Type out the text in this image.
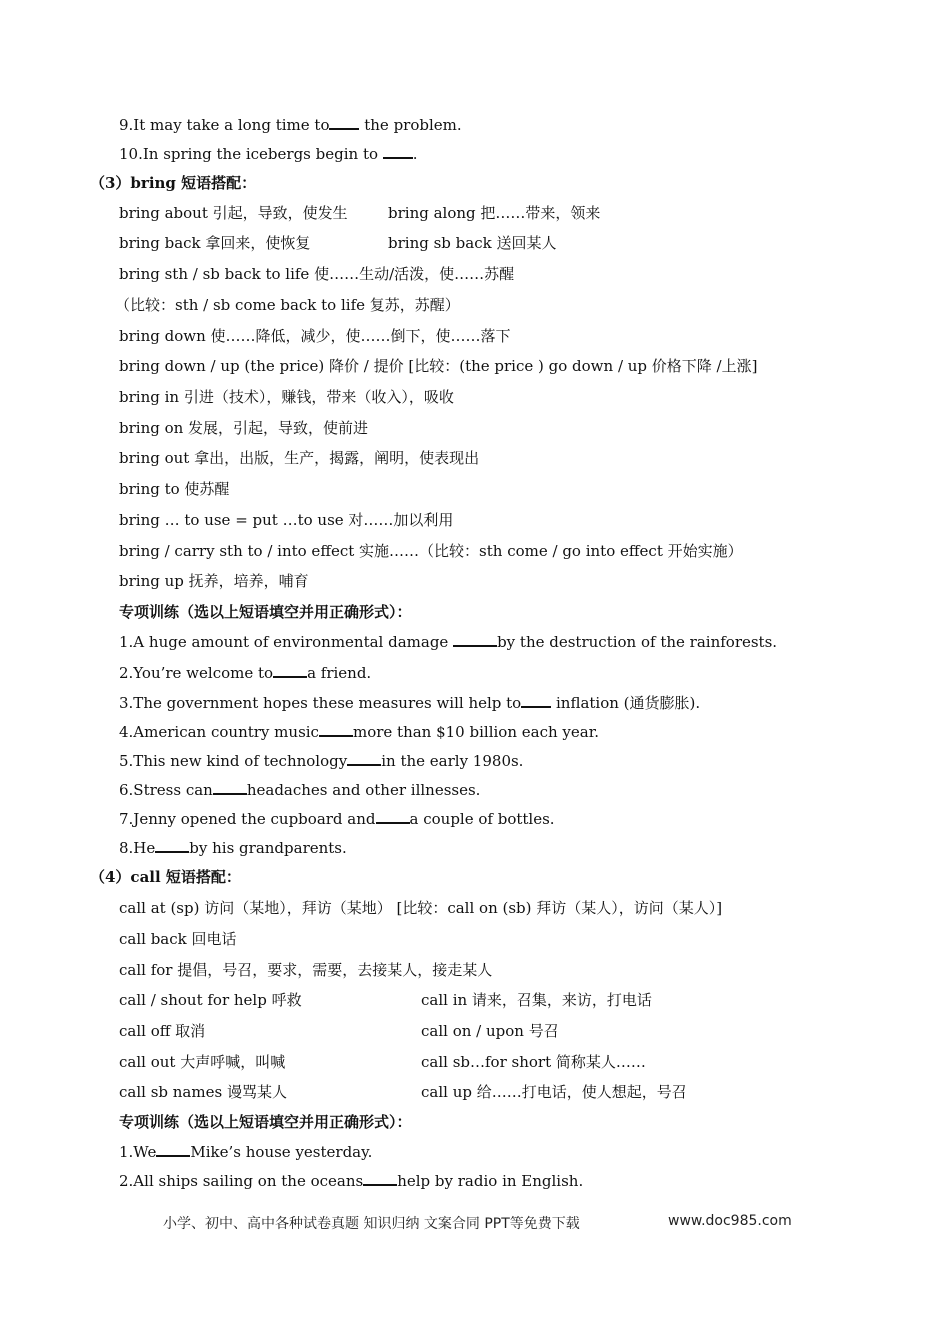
9.It may take a long time to the problem.
10.In spring the icebergs begin to .
（3）bring 短语搭配：
bring about 引起，导致，使发生	bring along 把……带来，领来
bring back 拿回来，使恢复	bring sb back 送回某人
bring sth / sb back to life 使……生动/活泼，使……苏醒
（比较：sth / sb come back to life 复苏，苏醒）
bring down 使……降低，减少，使……倒下，使……落下
bring down / up (the price) 降价 / 提价 [比较：(the price ) go down / up 价格下降 /上涨]
bring in 引进（技术），赚钱，带来（收入），吸收
bring on 发展，引起，导致，使前进
bring out 拿出，出版，生产，揭露，阐明，使表现出
bring to 使苏醒
bring … to use = put …to use 对……加以利用
bring / carry sth to / into effect 实施……（比较：sth come / go into effect 开始实施）
bring up 抚养，培养，哺育
专项训练（选以上短语填空并用正确形式）：
1.A huge amount of environmental damage	by the destruction of the rainforests.
2.You’re welcome to a friend.
3.The government hopes these measures will help to inflation (通货膨胀).
4.American country music more than $10 billion each year.
5.This new kind of technology in the early 1980s.
6.Stress can headaches and other illnesses.
7.Jenny opened the cupboard and a couple of bottles.
8.He by his grandparents.
（4）call 短语搭配：
call at (sp) 访问（某地），拜访（某地） [比较：call on (sb) 拜访（某人），访问（某人）]
call back 回电话
call for 提倡，号召，要求，需要，去接某人，接走某人
call / shout for help 呼救	call in 请来，召集，来访，打电话
call off 取消	call on / upon 号召
call out 大声呼喊，叫喊	call sb…for short 简称某人……
call sb names 谩骂某人	call up 给……打电话，使人想起，号召
专项训练（选以上短语填空并用正确形式）：
1.We Mike’s house yesterday.
2.All ships sailing on the oceans help by radio in English.
小学、初中、高中各种试卷真题 知识归纳 文案合同 PPT等免费下载	www.doc985.com
